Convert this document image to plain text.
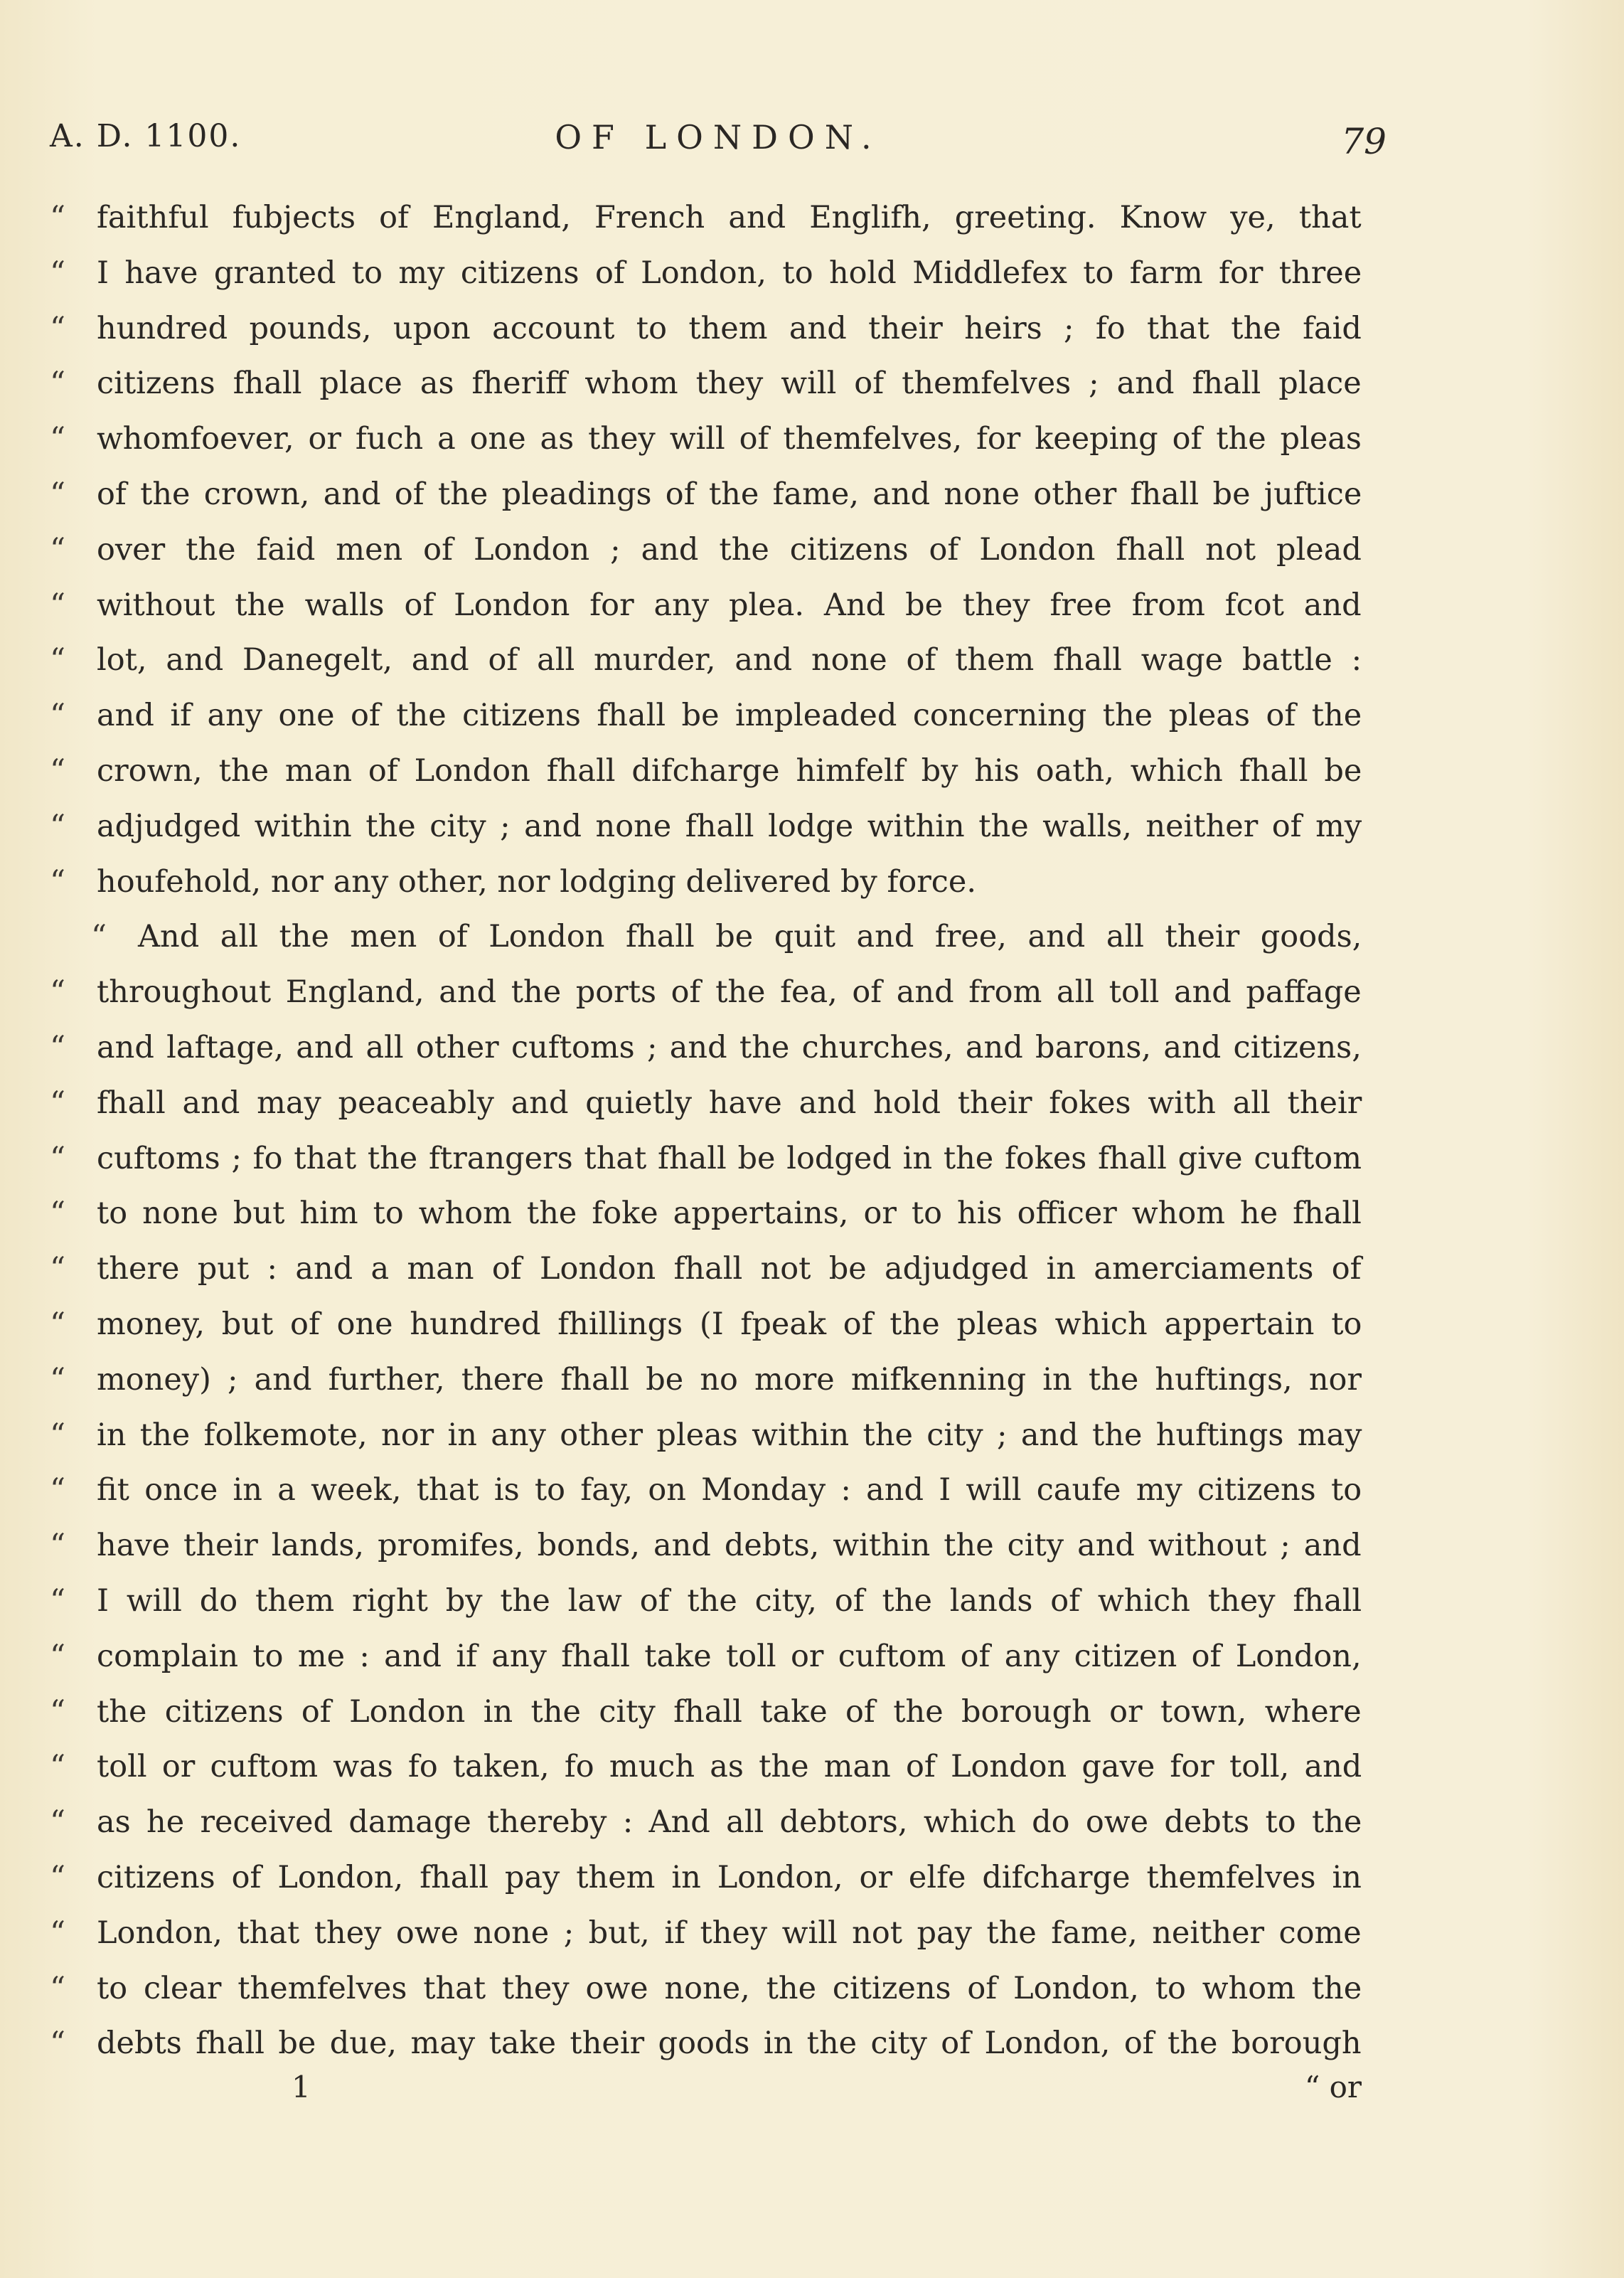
A. D. 1100.	OF LONDON.	79
“ faithful fubjeсts of England, French and Englifh, greeting. Know ye, that
“ I have granted to my citizens of London, to hold Middlefex to farm for three
“ hundred pounds, upon account to them and their heirs ; fo that the faid
“ citizens fhall place as fheriff whom they will of themfelves ; and fhall place
“ whomfoever, or fuch a one as they will of themfelves, for keeping of the pleas
“ of the crown, and of the pleadings of the fame, and none other fhall be juftice
“ over the faid men of London ; and the citizens of London fhall not plead
“ without the walls of London for any plea. And be they free from fcot and
“ lot, and Danegelt, and of all murder, and none of them fhall wage battle :
“ and if any one of the citizens fhall be impleaded concerning the pleas of the
“ crown, the man of London fhall difcharge himfelf by his oath, which fhall be
“ adjudged within the city ; and none fhall lodge within the walls, neither of my
“ houfehold, nor any other, nor lodging delivered by force.
“ And all the men of London fhall be quit and free, and all their goods,
“ throughout England, and the ports of the fea, of and from all toll and paffage
“ and laftage, and all other cuftoms ; and the churches, and barons, and citizens,
“ fhall and may peaceably and quietly have and hold their fokes with all their
“ cuftoms ; fo that the ftrangers that fhall be lodged in the fokes fhall give cuftom
“ to none but him to whom the foke appertains, or to his officer whom he fhall
“ there put : and a man of London fhall not be adjudged in amerciaments of
“ money, but of one hundred fhillings (I fpeak of the pleas which appertain to
“ money) ; and further, there fhall be no more mifkenning in the huftings, nor
“ in the folkemote, nor in any other pleas within the city ; and the huftings may
“ fit once in a week, that is to fay, on Monday : and I will caufe my citizens to
“ have their lands, promifes, bonds, and debts, within the city and without ; and
“ I will do them right by the law of the city, of the lands of which they fhall
“ complain to me : and if any fhall take toll or cuftom of any citizen of London,
“ the citizens of London in the city fhall take of the borough or town, where
“ toll or cuftom was fo taken, fo much as the man of London gave for toll, and
“ as he received damage thereby : And all debtors, which do owe debts to the
“ citizens of London, fhall pay them in London, or elfe difcharge themfelves in
“ London, that they owe none ; but, if they will not pay the fame, neither come
“ to clear themfelves that they owe none, the citizens of London, to whom the
“ debts fhall be due, may take their goods in the city of London, of the borough
1	“ or
